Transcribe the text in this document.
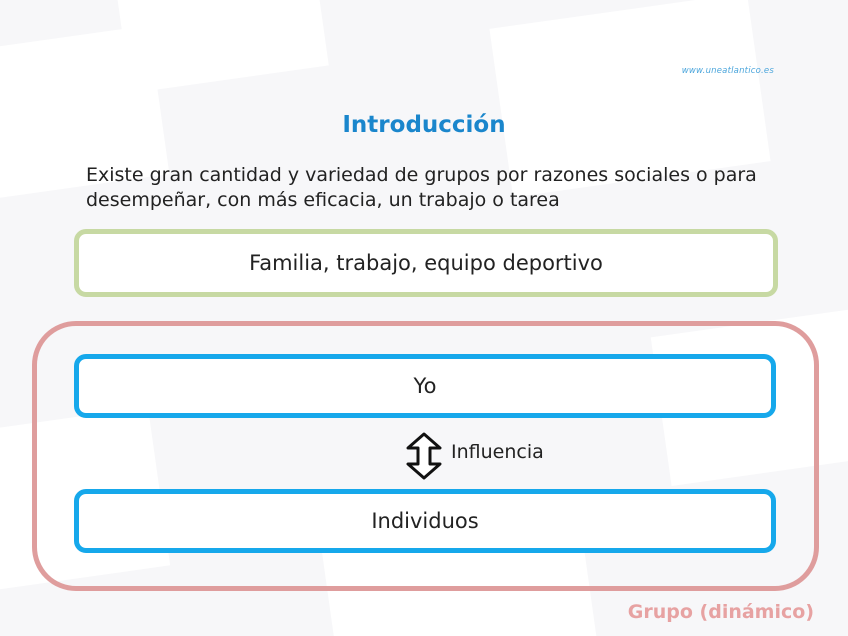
www.uneatlantico.es
Introducción
Existe gran cantidad y variedad de grupos por razones sociales o para desempeñar, con más eficacia, un trabajo o tarea
Familia, trabajo, equipo deportivo
Yo
Influencia
Individuos
Grupo (dinámico)
